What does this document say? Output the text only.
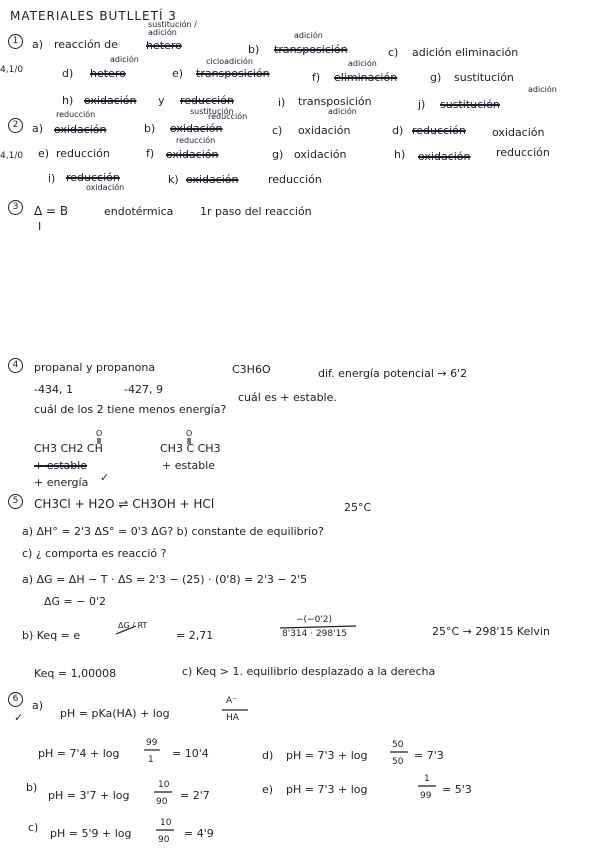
MATERIALES BUTLLETÍ 3
1
4,1/0
a) reacción de	hetero
sustitución / adición
b) transposición
adición
c) adición eliminación
d) hetero
adición
e) transposición
cicloadición
f) eliminación
adición
g) sustitución
h) oxidación y reducción
sustitución
i) transposición
adición
j) sustitución
adición
2
4,1/0
a) oxidación
reducción
b) oxidación
reducción
c) oxidación	d) reducción oxidación
e) reducción	f) oxidación
reducción
g) oxidación	h) oxidación reducción
i) reducción
oxidación
k) oxidación	reducción
3	Δ = B
I
endotérmica 1r paso del reacción
4	propanal y propanona	C3H6O	dif. energía potencial → 6'2
-434, 1	-427, 9
cuál es + estable.
cuál de los 2 tiene menos energía?
O
CH3 CH2 CH
+ estable
+ energía ✓
O
CH3 C CH3
+ estable
5	CH3Cl + H2O ⇌ CH3OH + HCl	25°C
a) ΔH° = 2'3 ΔS° = 0'3 ΔG? b) constante de equilibrio?
c) ¿ comporta es reacció ?
a) ΔG = ΔH − T · ΔS = 2'3 − (25) · (0'8) = 2'3 − 2'5
ΔG = − 0'2
b) Keq = e
ΔG / RT
= 2,71
−(−0'2)
8'314 · 298'15	25°C → 298'15 Kelvin
Keq = 1,00008	c) Keq > 1. equilibrio desplazado a la derecha
6
✓
a)
pH = pKa(HA) + log
A⁻
HA
pH = 7'4 + log
99
1 = 10'4	d) pH = 7'3 + log
50
50 = 7'3
b)
pH = 3'7 + log
10
90 = 2'7	e) pH = 7'3 + log
1
99 = 5'3
c) pH = 5'9 + log
10
90 = 4'9
